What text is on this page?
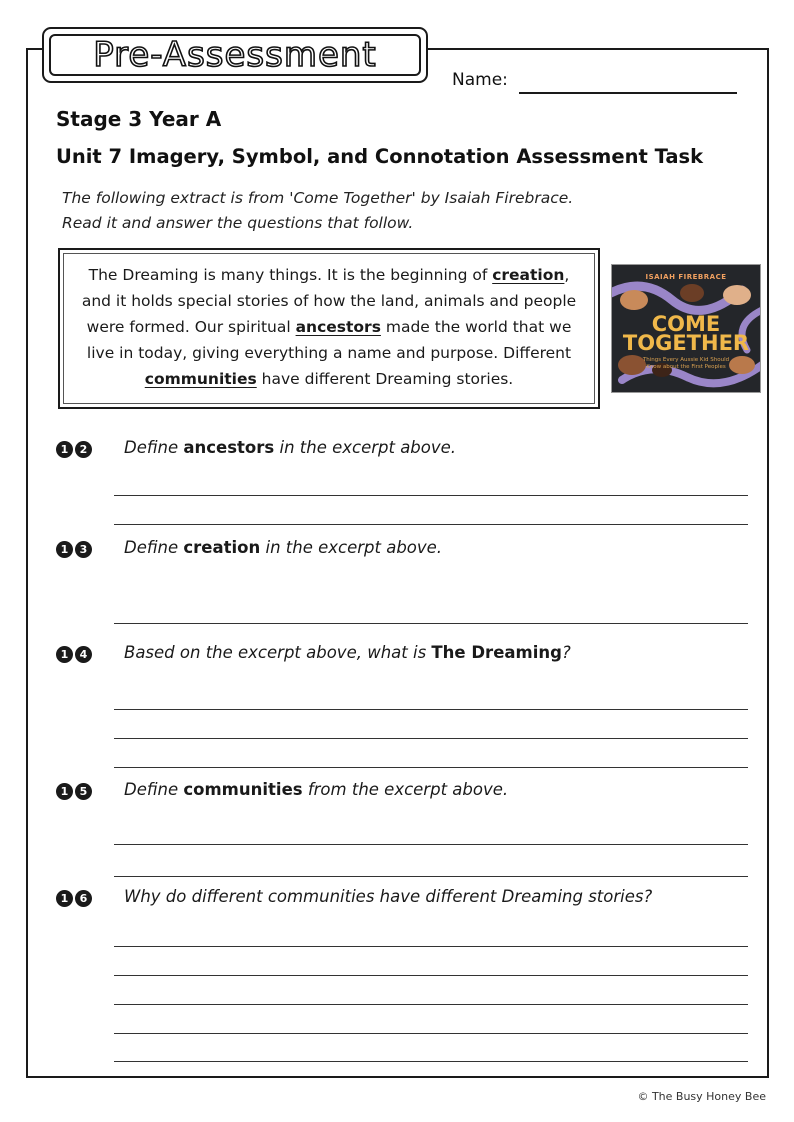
Pre-Assessment
Name:
Stage 3 Year A
Unit 7 Imagery, Symbol, and Connotation Assessment Task
The following extract is from 'Come Together' by Isaiah Firebrace.
Read it and answer the questions that follow.
The Dreaming is many things. It is the beginning of creation, and it holds special stories of how the land, animals and people were formed. Our spiritual ancestors made the world that we live in today, giving everything a name and purpose. Different communities have different Dreaming stories.
ISAIAH FIREBRACE
COME
TOGETHER
Things Every Aussie Kid Should Know about the First Peoples
1	2 Define ancestors in the excerpt above.
1	3 Define creation in the excerpt above.
1	4 Based on the excerpt above, what is The Dreaming?
1	5 Define communities from the excerpt above.
1	6 Why do different communities have different Dreaming stories?
© The Busy Honey Bee
